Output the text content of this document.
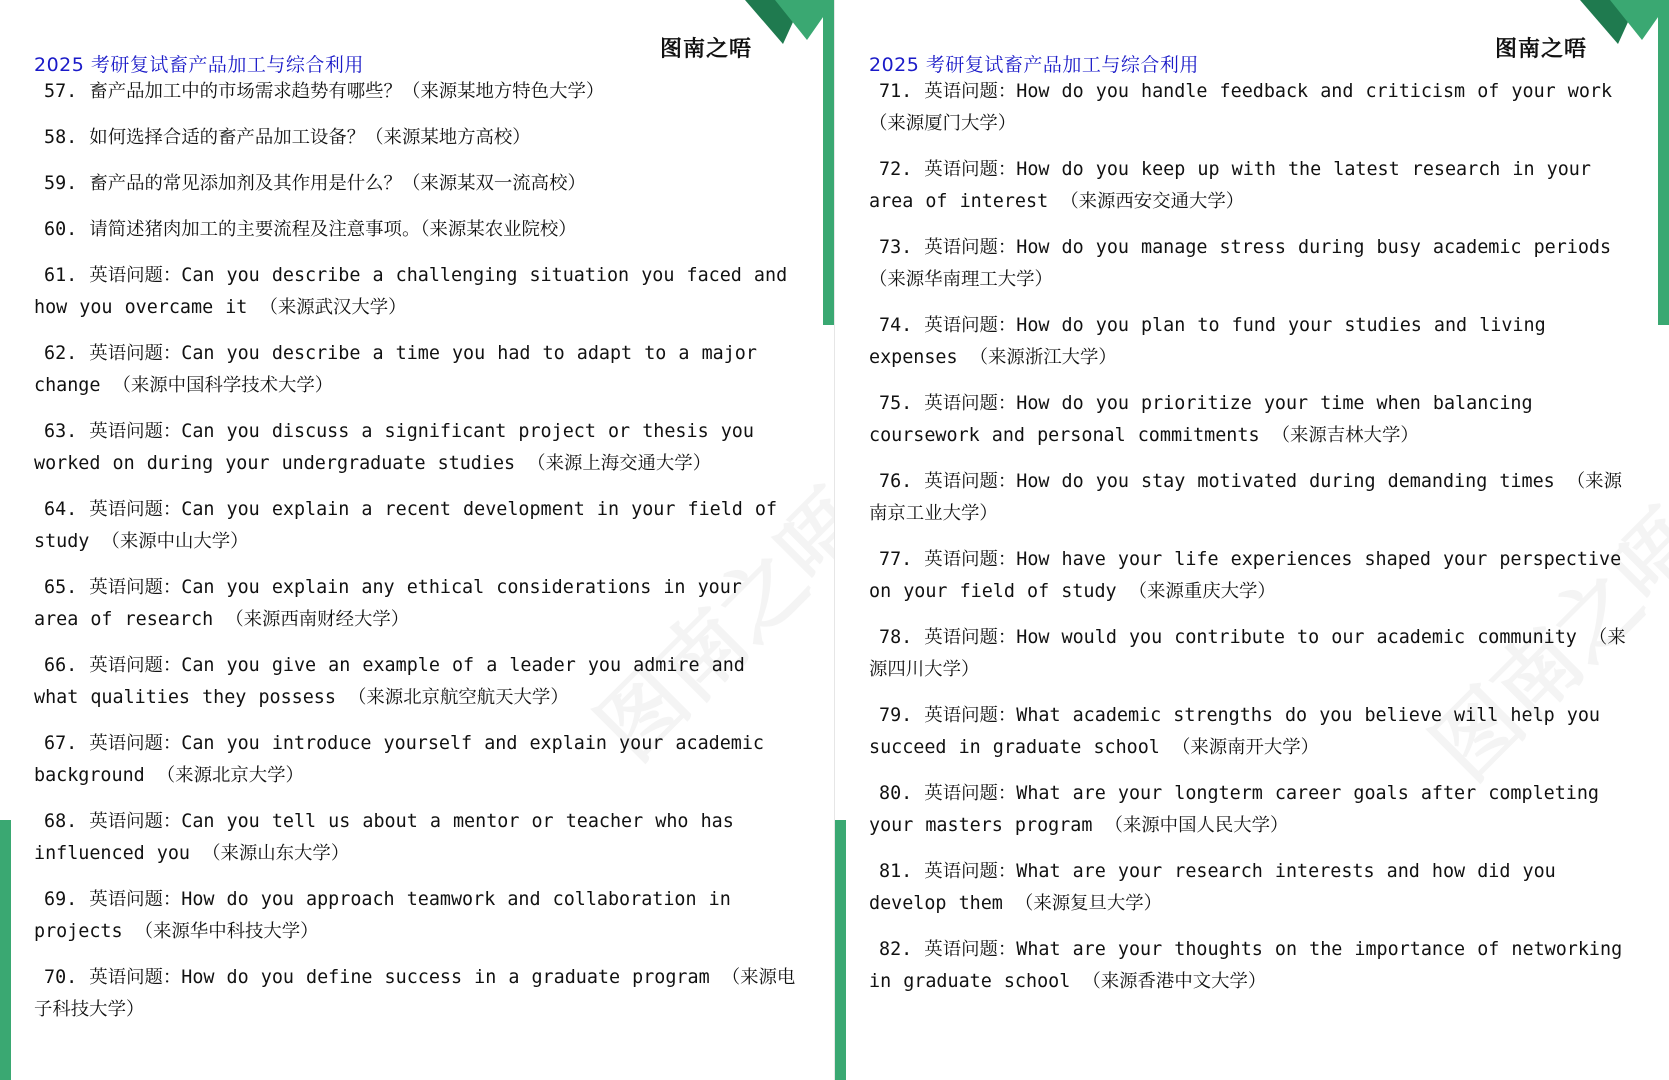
图南之唔
2025 考研复试畜产品加工与综合利用
57. 畜产品加工中的市场需求趋势有哪些？（来源某地方特色大学）
58. 如何选择合适的畜产品加工设备？（来源某地方高校）
59. 畜产品的常见添加剂及其作用是什么？（来源某双一流高校）
60. 请简述猪肉加工的主要流程及注意事项。（来源某农业院校）
61. 英语问题：Can you describe a challenging situation you faced and how you overcame it （来源武汉大学）
62. 英语问题：Can you describe a time you had to adapt to a major change （来源中国科学技术大学）
63. 英语问题：Can you discuss a significant project or thesis you worked on during your undergraduate studies （来源上海交通大学）
64. 英语问题：Can you explain a recent development in your field of study （来源中山大学）
65. 英语问题：Can you explain any ethical considerations in your area of research （来源西南财经大学）
66. 英语问题：Can you give an example of a leader you admire and what qualities they possess （来源北京航空航天大学）
67. 英语问题：Can you introduce yourself and explain your academic background （来源北京大学）
68. 英语问题：Can you tell us about a mentor or teacher who has influenced you （来源山东大学）
69. 英语问题：How do you approach teamwork and collaboration in projects （来源华中科技大学）
70. 英语问题：How do you define success in a graduate program （来源电子科技大学）
图南之唔
2025 考研复试畜产品加工与综合利用
71. 英语问题：How do you handle feedback and criticism of your work （来源厦门大学）
72. 英语问题：How do you keep up with the latest research in your area of interest （来源西安交通大学）
73. 英语问题：How do you manage stress during busy academic periods （来源华南理工大学）
74. 英语问题：How do you plan to fund your studies and living expenses （来源浙江大学）
75. 英语问题：How do you prioritize your time when balancing coursework and personal commitments （来源吉林大学）
76. 英语问题：How do you stay motivated during demanding times （来源南京工业大学）
77. 英语问题：How have your life experiences shaped your perspective on your field of study （来源重庆大学）
78. 英语问题：How would you contribute to our academic community （来源四川大学）
79. 英语问题：What academic strengths do you believe will help you succeed in graduate school （来源南开大学）
80. 英语问题：What are your longterm career goals after completing your masters program （来源中国人民大学）
81. 英语问题：What are your research interests and how did you develop them （来源复旦大学）
82. 英语问题：What are your thoughts on the importance of networking in graduate school （来源香港中文大学）
